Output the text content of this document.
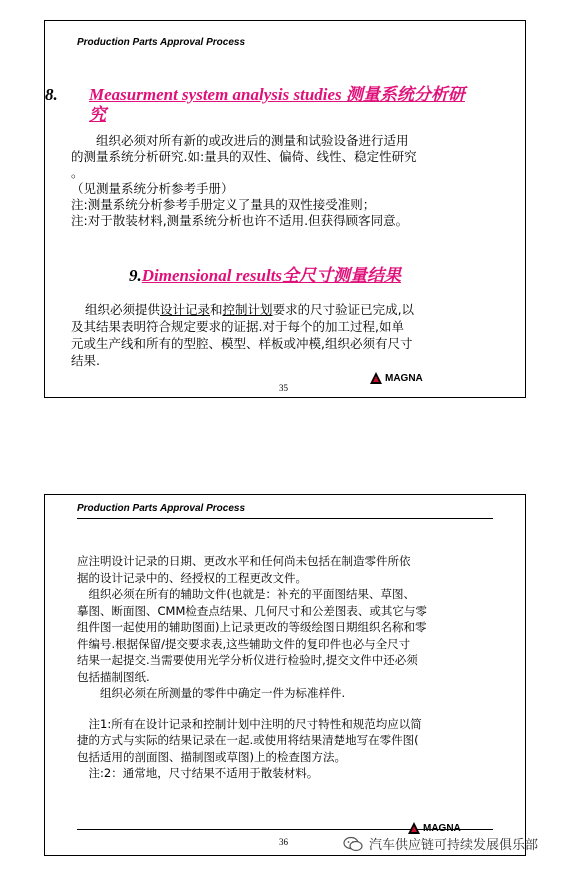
Production Parts Approval Process
8. Measurment system analysis studies 测量系统分析研究

　　组织必须对所有新的或改进后的测量和试验设备进行适用

的测量系统分析研究.如:量具的双性、偏倚、线性、稳定性研究

。

（见测量系统分析参考手册）

注:测量系统分析参考手册定义了量具的双性接受准则；

注:对于散装材料,测量系统分析也许不适用.但获得顾客同意。

9.Dimensional results全尺寸测量结果
组织必须提供设计记录和控制计划要求的尺寸验证已完成,以
及其结果表明符合规定要求的证据.对于每个的加工过程,如单
元或生产线和所有的型腔、模型、样板或冲模,组织必须有尺寸
结果.
35
MAGNA
Production Parts Approval Process

应注明设计记录的日期、更改水平和任何尚未包括在制造零件所依

据的设计记录中的、经授权的工程更改文件。

　组织必须在所有的辅助文件(也就是：补充的平面图结果、草图、

摹图、断面图、CMM检查点结果、几何尺寸和公差图表、或其它与零

组件图一起使用的辅助图面)上记录更改的等级绘图日期组织名称和零

件编号.根据保留/提交要求表,这些辅助文件的复印件也必与全尺寸

结果一起提交.当需要使用光学分析仪进行检验时,提交文件中还必须

包括描制图纸.

　　组织必须在所测量的零件中确定一件为标准样件.

　注1:所有在设计记录和控制计划中注明的尺寸特性和规范均应以简

捷的方式与实际的结果记录在一起.或使用将结果清楚地写在零件图(

包括适用的剖面图、描制图或草图)上的检查图方法。

　注:2：通常地，尺寸结果不适用于散装材料。

36
MAGNA
汽车供应链可持续发展俱乐部
